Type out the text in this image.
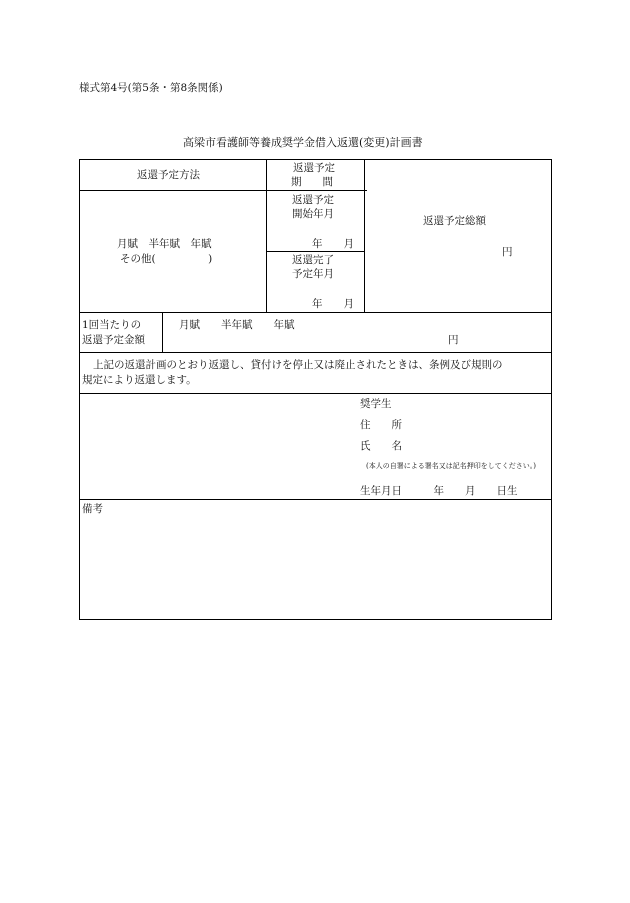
様式第4号(第5条・第8条関係)
高梁市看護師等養成奨学金借入返還(変更)計画書
返還予定方法
返還予定
期　　間
月賦　半年賦　年賦
その他(　　　　　)
返還予定
開始年月
年　　月
返還完了
予定年月
年　　月
返還予定総額
円
1回当たりの
返還予定金額
月賦　　半年賦　　年賦
円
上記の返還計画のとおり返還し、貸付けを停止又は廃止されたときは、条例及び規則の
規定により返還します。
奨学生
住　　所
氏　　名
(本人の自署による署名又は記名押印をしてください。)
生年月日　　　年　　月　　日生
備考
